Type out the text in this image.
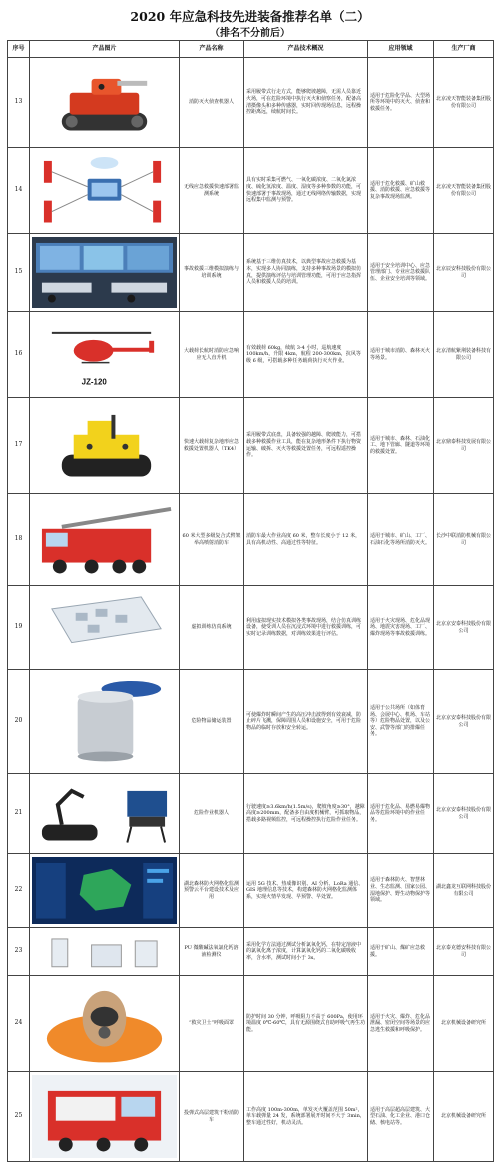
2020 年应急科技先进装备推荐名单（二）
（排名不分前后）
序号	产品图片	产品名称	产品技术概况	应用领域	生产厂商
13		消防灭火侦查机器人	采用履带式行走方式，能够爬坡越障，无需人员靠近火场，可在危险环境中执行灭火和侦察任务，配备高清摄像头和多种传感器，实时回传现场信息，远程操控距离远，续航时间长。	适用于危险化学品、大型场所等环境中的灭火、侦查和救援任务。	北京凌天智能装备集团股份有限公司
14		无线应急救援快速部署监测系统	具有实时采集可燃气、一氧化碳浓度、二氧化氮浓度、硫化氢浓度、温度、湿度等多种参数的功能，可快速部署于事故现场，通过无线网络传输数据，实现远程集中监测与预警。	适用于危化救援、矿山救援、消防救援、应急救援等复杂事故现场监测。	北京凌天智能装备集团股份有限公司
15		事故救援三维模拟演练与培训系统	系统基于三维仿真技术，以典型事故应急救援为基本，实现多人协同演练，支持多种事故场景的模拟仿真，提供演练评估与培训管理功能，可用于应急指挥人员和救援人员的培训。	适用于安全培训中心、应急管理部门、专业应急救援队伍、企业安全培训等领域。	北京辰安科技股份有限公司
16	JZ-120	大载荷长航时消防应急响应无人直升机	有效载荷 60kg，续航 3-4 小时，巡航速度 100km/h，升限 4km，航程 200-300km，抗风等级 6 级，可搭载多种任务载荷执行灭火作业。	适用于城市消防、森林灭火等场景。	北京清航紫荆装备科技有限公司
17		快速大载荷复杂地形应急救援处置机器人（TK4）	采用履带式底盘，具备较强的越障、爬坡能力，可搭载多种救援作业工具，能在复杂地形条件下执行物资运输、破拆、灭火等救援处置任务，可远程遥控操作。	适用于城市、森林、石油化工、地下管廊、隧道等环境的救援处置。	北京鼎泰科技发展有限公司
18		60 米大型多级复合式臂架举高喷射消防车	消防车最大作业高度 60 米，整车长度小于 12 米，具有高机动性、高通过性等特征。	适用于城市、矿山、工厂、石油石化等场所消防灭火。	长沙中联消防机械有限公司
19		虚拟训练仿真系统	利用虚拟现实技术模拟各类事故现场，结合仿真训练设备，使受训人员在沉浸式环境中进行救援训练，可实时记录训练数据，对训练效果进行评估。	适用于火灾现场、危化品现场、地震灾害现场、工厂、爆炸现场等事故救援训练。	北京京安泰科技股份有限公司
20		危险物品储运装置	可使爆炸时瞬间产生的高压冲击波得到有效衰减，防止碎片飞溅，保障周围人员和设施安全，可用于危险物品的临时存放和安全转运。	适用于公共场所（如体育场、会展中心、机场、车站等）危险物品处置，以及公安、武警等部门的排爆任务。	北京京安泰科技股份有限公司
21		危险作业机器人	行驶速度≥3.6km/h(1.5m/s)，爬坡角度≥30°，越障高度≥200mm，配备多自由度机械臂，可抓取物品，搭载多路视频监控，可远程操控执行危险作业任务。	适用于危化品、易燃易爆物品等危险环境中的作业任务。	北京京安泰科技股份有限公司
22		湖北森林防火网格化监测预警云平台建设技术及应用	运用 5G 技术、热成像识别、AI 分析、LoRa 通信、GIS 地理信息等技术，构建森林防火网格化监测体系，实现火情早发现、早预警、早处置。	适用于森林防火、智慧林业、生态监测、国家公园、湿地保护、野生动物保护等领域。	湖北鑫龙互联网科技股份有限公司
23		PU 微酸碱法氧氯化钙溶液检测仪	采用化学方法通过测试分析氯氧化钙，在特定溶液中的氯氧化离子浓度，计算氯氧化钙的二氧化碳吸收率，含水率，测试时间小于 3s。	适用于矿山、煤矿应急救援。	北京泰克德安科技有限公司
24		“救灾卫士”呼吸面罩	防护时间 30 分钟，呼吸阻力不高于 600Pa，使用环境温度 0℃-60℃，具有无源围绕式自助呼吸气再生功能。	适用于火灾、爆炸、危化品泄漏、密闭空间等场景的应急逃生救援和呼吸保护。	北京机械设备研究所
25		投弹式高层建筑干粉消防车	工作高度 100m-300m，单发灭火覆盖范围 50m²，单车载弹量 24 发，系统部署展开时间不大于 3min，整车通过性好，机动灵活。	适用于高层超高层建筑、大型石油、化工企业、港口仓储、核电站等。	北京机械设备研究所
